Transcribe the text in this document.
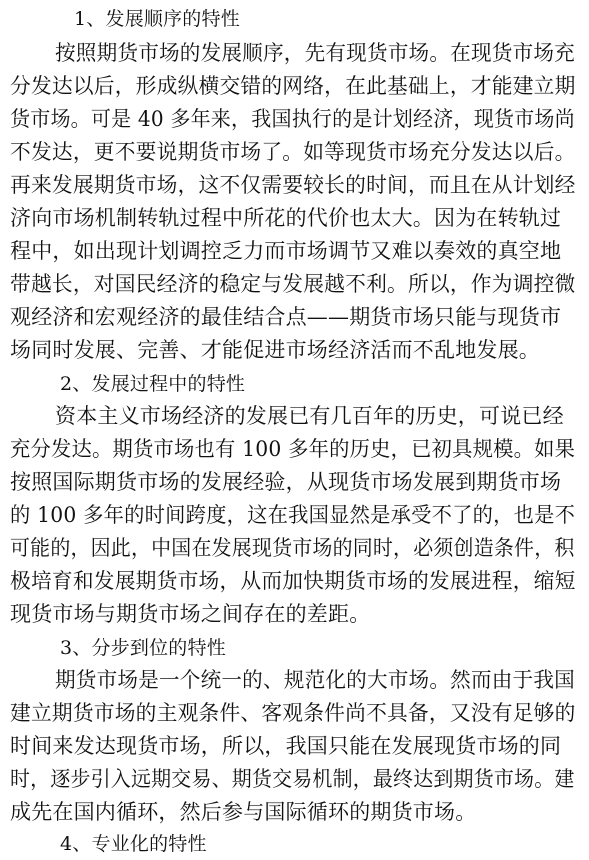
1、发展顺序的特性
按照期货市场的发展顺序，先有现货市场。在现货市场充
分发达以后，形成纵横交错的网络，在此基础上，才能建立期
货市场。可是 40 多年来，我国执行的是计划经济，现货市场尚
不发达，更不要说期货市场了。如等现货市场充分发达以后。
再来发展期货市场，这不仅需要较长的时间，而且在从计划经
济向市场机制转轨过程中所花的代价也太大。因为在转轨过
程中，如出现计划调控乏力而市场调节又难以奏效的真空地
带越长，对国民经济的稳定与发展越不利。所以，作为调控微
观经济和宏观经济的最佳结合点——期货市场只能与现货市
场同时发展、完善、才能促进市场经济活而不乱地发展。
2、发展过程中的特性
资本主义市场经济的发展已有几百年的历史，可说已经
充分发达。期货市场也有 100 多年的历史，已初具规模。如果
按照国际期货市场的发展经验，从现货市场发展到期货市场
的 100 多年的时间跨度，这在我国显然是承受不了的，也是不
可能的，因此，中国在发展现货市场的同时，必须创造条件，积
极培育和发展期货市场，从而加快期货市场的发展进程，缩短
现货市场与期货市场之间存在的差距。
3、分步到位的特性
期货市场是一个统一的、规范化的大市场。然而由于我国
建立期货市场的主观条件、客观条件尚不具备，又没有足够的
时间来发达现货市场，所以，我国只能在发展现货市场的同
时，逐步引入远期交易、期货交易机制，最终达到期货市场。建
成先在国内循环，然后参与国际循环的期货市场。
4、专业化的特性
